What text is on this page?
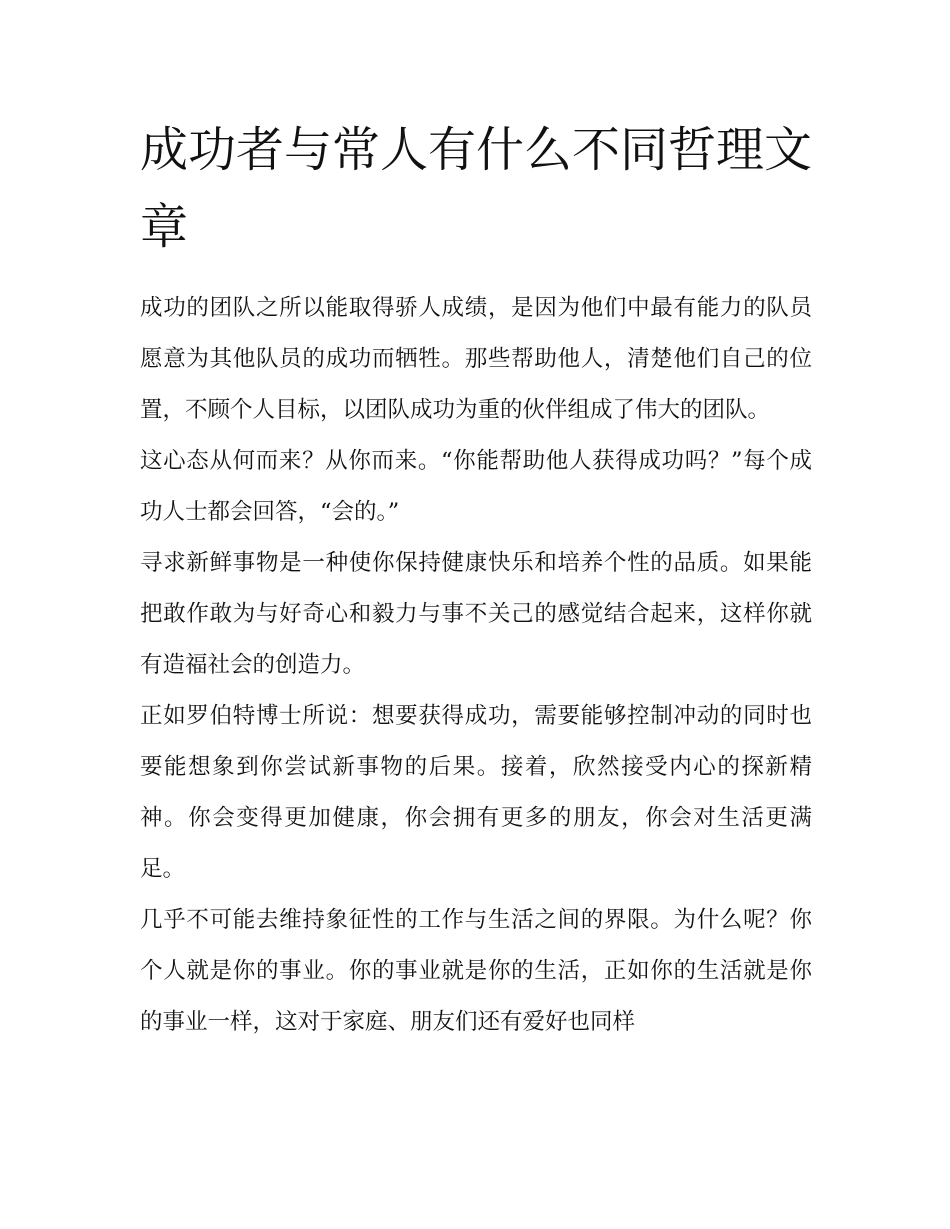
成功者与常人有什么不同哲理文章

成功的团队之所以能取得骄人成绩，是因为他们中最有能力的队员愿意为其他队员的成功而牺牲。那些帮助他人，清楚他们自己的位置，不顾个人目标，以团队成功为重的伙伴组成了伟大的团队。

这心态从何而来？从你而来。“你能帮助他人获得成功吗？”每个成功人士都会回答，“会的。”

寻求新鲜事物是一种使你保持健康快乐和培养个性的品质。如果能把敢作敢为与好奇心和毅力与事不关己的感觉结合起来，这样你就有造福社会的创造力。

正如罗伯特博士所说：想要获得成功，需要能够控制冲动的同时也要能想象到你尝试新事物的后果。接着，欣然接受内心的探新精神。你会变得更加健康，你会拥有更多的朋友，你会对生活更满足。

几乎不可能去维持象征性的工作与生活之间的界限。为什么呢？你个人就是你的事业。你的事业就是你的生活，正如你的生活就是你的事业一样，这对于家庭、朋友们还有爱好也同样
